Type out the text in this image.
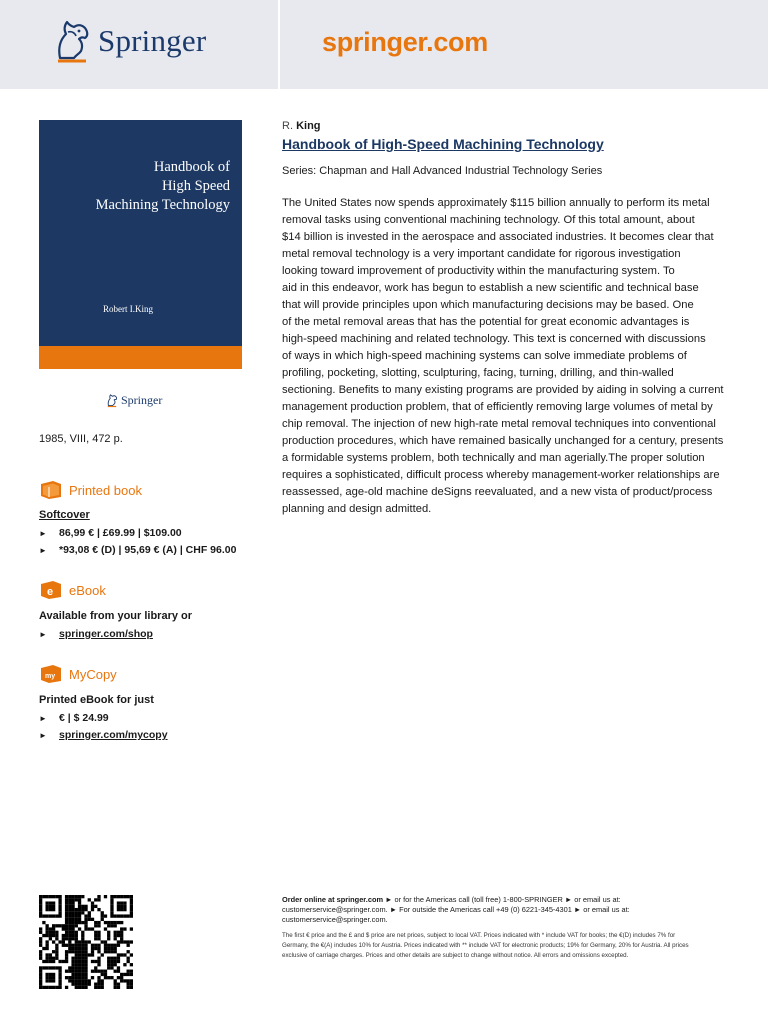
Springer	springer.com
Handbook of
High Speed
Machining Technology
Robert I.King
Springer
1985, VIII, 472 p.
Printed book
Softcover
► 86,99 € | £69.99 | $109.00
► *93,08 € (D) | 95,69 € (A) | CHF 96.00
e eBook
Available from your library or
► springer.com/shop
my MyCopy
Printed eBook for just
► € | $ 24.99
► springer.com/mycopy
R. King
Handbook of High-Speed Machining Technology
Series: Chapman and Hall Advanced Industrial Technology Series
The United States now spends approximately $115 billion annually to perform its metal
removal tasks using conventional machining technology. Of this total amount, about
$14 billion is invested in the aerospace and associated industries. It becomes clear that
metal removal technology is a very important candidate for rigorous investigation
looking toward improvement of productivity within the manufacturing system. To
aid in this endeavor, work has begun to establish a new scientific and technical base
that will provide principles upon which manufacturing decisions may be based. One
of the metal removal areas that has the potential for great economic advantages is
high-speed machining and related technology. This text is concerned with discussions
of ways in which high-speed machining systems can solve immediate problems of
profiling, pocketing, slotting, sculpturing, facing, turning, drilling, and thin-walled
sectioning. Benefits to many existing programs are provided by aiding in solving a current
management production problem, that of efficiently removing large volumes of metal by
chip removal. The injection of new high-rate metal removal techniques into conventional
production procedures, which have remained basically unchanged for a century, presents
a formidable systems problem, both technically and man agerially.The proper solution
requires a sophisticated, difficult process whereby management-worker relationships are
reassessed, age-old machine deSigns reevaluated, and a new vista of product/process
planning and design admitted.
Order online at springer.com ► or for the Americas call (toll free) 1-800-SPRINGER ► or email us at:
customerservice@springer.com. ► For outside the Americas call +49 (0) 6221-345-4301 ► or email us at:
customerservice@springer.com.
The first € price and the £ and $ price are net prices, subject to local VAT. Prices indicated with * include VAT for books; the €(D) includes 7% for
Germany, the €(A) includes 10% for Austria. Prices indicated with ** include VAT for electronic products; 19% for Germany, 20% for Austria. All prices
exclusive of carriage charges. Prices and other details are subject to change without notice. All errors and omissions excepted.
